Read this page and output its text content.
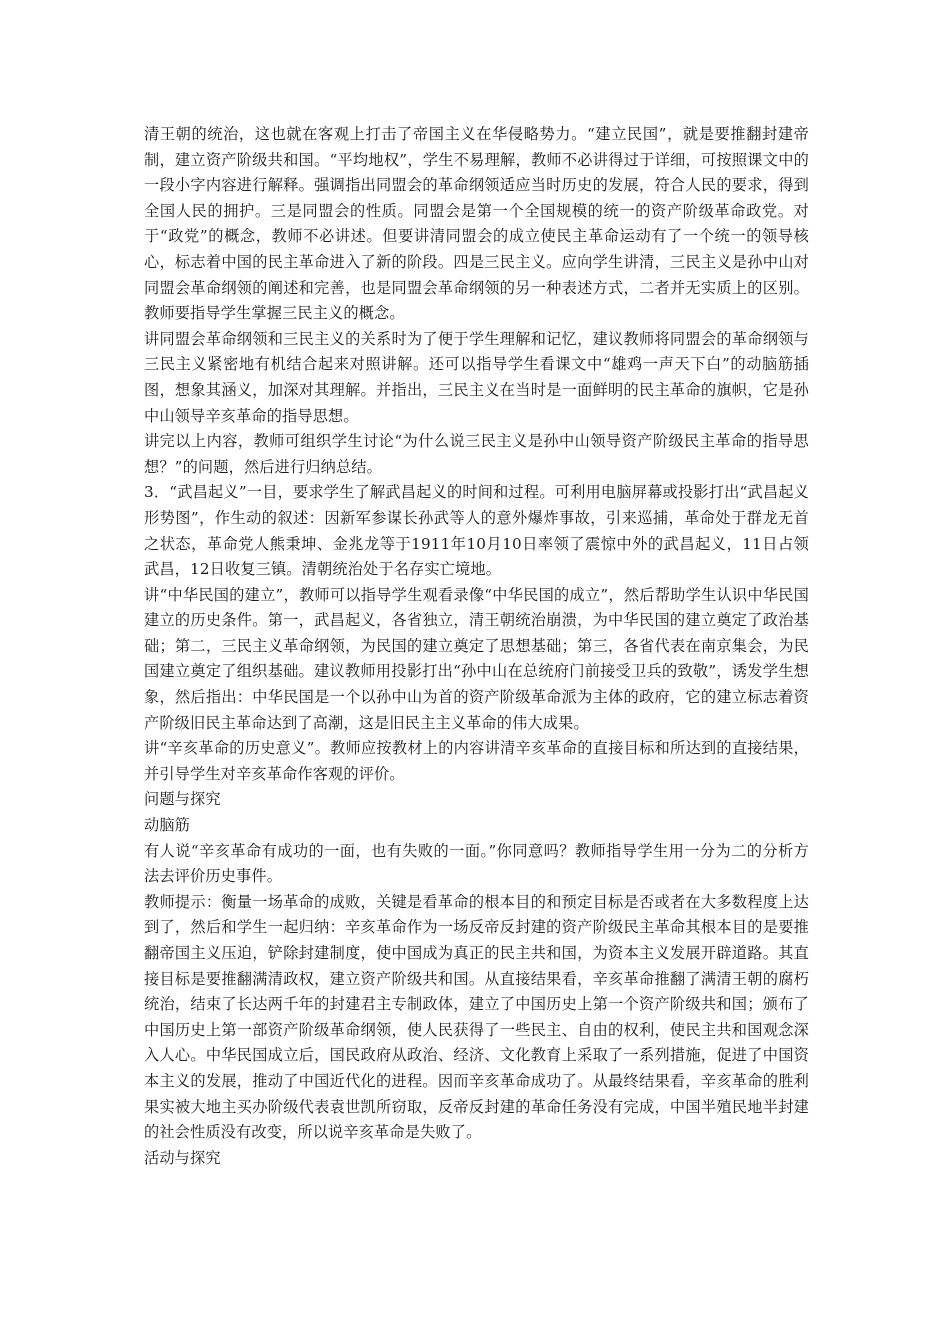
清王朝的统治，这也就在客观上打击了帝国主义在华侵略势力。“建立民国”，就是要推翻封建帝制，建立资产阶级共和国。“平均地权”，学生不易理解，教师不必讲得过于详细，可按照课文中的一段小字内容进行解释。强调指出同盟会的革命纲领适应当时历史的发展，符合人民的要求，得到全国人民的拥护。三是同盟会的性质。同盟会是第一个全国规模的统一的资产阶级革命政党。对于“政党”的概念，教师不必讲述。但要讲清同盟会的成立使民主革命运动有了一个统一的领导核心，标志着中国的民主革命进入了新的阶段。四是三民主义。应向学生讲清，三民主义是孙中山对同盟会革命纲领的阐述和完善，也是同盟会革命纲领的另一种表述方式，二者并无实质上的区别。教师要指导学生掌握三民主义的概念。

讲同盟会革命纲领和三民主义的关系时为了便于学生理解和记忆，建议教师将同盟会的革命纲领与三民主义紧密地有机结合起来对照讲解。还可以指导学生看课文中“雄鸡一声天下白”的动脑筋插图，想象其涵义，加深对其理解。并指出，三民主义在当时是一面鲜明的民主革命的旗帜，它是孙中山领导辛亥革命的指导思想。

讲完以上内容，教师可组织学生讨论“为什么说三民主义是孙中山领导资产阶级民主革命的指导思想？”的问题，然后进行归纳总结。

3．“武昌起义”一目，要求学生了解武昌起义的时间和过程。可利用电脑屏幕或投影打出“武昌起义形势图”，作生动的叙述：因新军参谋长孙武等人的意外爆炸事故，引来巡捕，革命处于群龙无首之状态，革命党人熊秉坤、金兆龙等于1911年10月10日率领了震惊中外的武昌起义，11日占领武昌，12日收复三镇。清朝统治处于名存实亡境地。

讲“中华民国的建立”，教师可以指导学生观看录像“中华民国的成立”，然后帮助学生认识中华民国建立的历史条件。第一，武昌起义，各省独立，清王朝统治崩溃，为中华民国的建立奠定了政治基础；第二，三民主义革命纲领，为民国的建立奠定了思想基础；第三，各省代表在南京集会，为民国建立奠定了组织基础。建议教师用投影打出“孙中山在总统府门前接受卫兵的致敬”，诱发学生想象，然后指出：中华民国是一个以孙中山为首的资产阶级革命派为主体的政府，它的建立标志着资产阶级旧民主革命达到了高潮，这是旧民主主义革命的伟大成果。

讲“辛亥革命的历史意义”。教师应按教材上的内容讲清辛亥革命的直接目标和所达到的直接结果，并引导学生对辛亥革命作客观的评价。

问题与探究

动脑筋

有人说“辛亥革命有成功的一面，也有失败的一面。”你同意吗？教师指导学生用一分为二的分析方法去评价历史事件。

教师提示：衡量一场革命的成败，关键是看革命的根本目的和预定目标是否或者在大多数程度上达到了，然后和学生一起归纳：辛亥革命作为一场反帝反封建的资产阶级民主革命其根本目的是要推翻帝国主义压迫，铲除封建制度，使中国成为真正的民主共和国，为资本主义发展开辟道路。其直接目标是要推翻满清政权，建立资产阶级共和国。从直接结果看，辛亥革命推翻了满清王朝的腐朽统治，结束了长达两千年的封建君主专制政体，建立了中国历史上第一个资产阶级共和国；颁布了中国历史上第一部资产阶级革命纲领，使人民获得了一些民主、自由的权利，使民主共和国观念深入人心。中华民国成立后，国民政府从政治、经济、文化教育上采取了一系列措施，促进了中国资本主义的发展，推动了中国近代化的进程。因而辛亥革命成功了。从最终结果看，辛亥革命的胜利果实被大地主买办阶级代表袁世凯所窃取，反帝反封建的革命任务没有完成，中国半殖民地半封建的社会性质没有改变，所以说辛亥革命是失败了。

活动与探究
